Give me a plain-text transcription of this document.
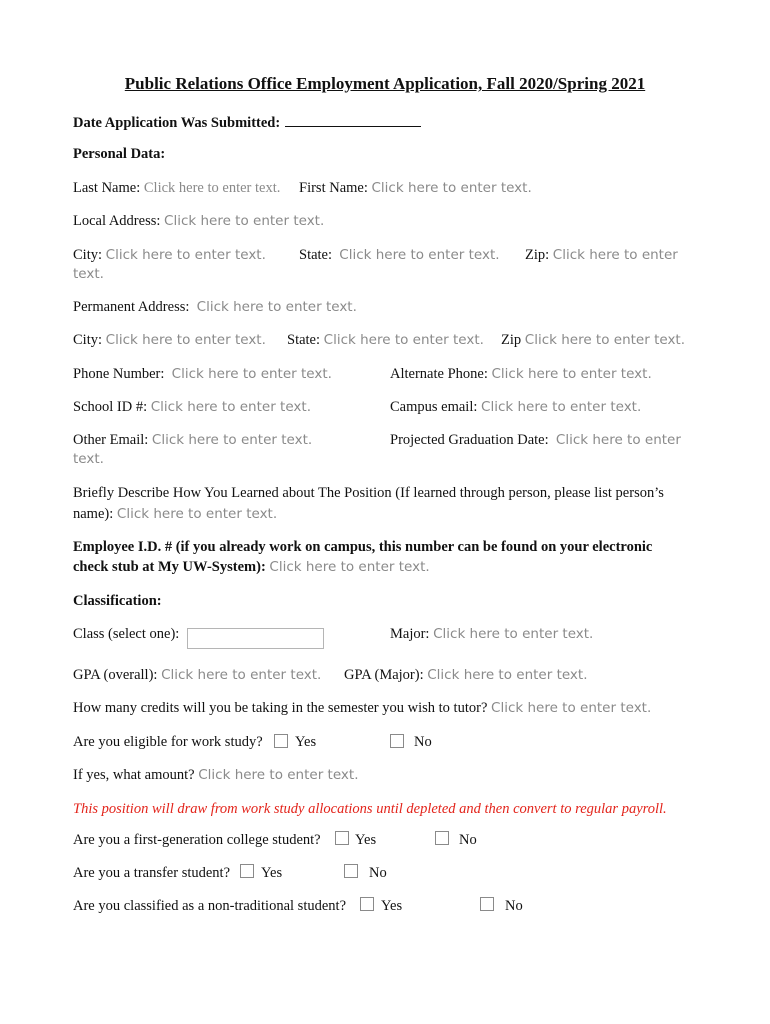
Public Relations Office Employment Application, Fall 2020/Spring 2021
Date Application Was Submitted:
Personal Data:
Last Name: Click here to enter text. First Name: Click here to enter text.
Local Address: Click here to enter text.
City: Click here to enter text. State: Click here to enter text. Zip: Click here to enter
text.
Permanent Address: Click here to enter text.
City: Click here to enter text. State: Click here to enter text. Zip Click here to enter text.
Phone Number: Click here to enter text.	Alternate Phone: Click here to enter text.
School ID #: Click here to enter text.	Campus email: Click here to enter text.
Other Email: Click here to enter text.	Projected Graduation Date: Click here to enter
text.
Briefly Describe How You Learned about The Position (If learned through person, please list person’s
name): Click here to enter text.
Employee I.D. # (if you already work on campus, this number can be found on your electronic
check stub at My UW-System): Click here to enter text.
Classification:
Class (select one):	Major: Click here to enter text.
GPA (overall): Click here to enter text. GPA (Major): Click here to enter text.
How many credits will you be taking in the semester you wish to tutor? Click here to enter text.
Are you eligible for work study? Yes	No
If yes, what amount? Click here to enter text.
This position will draw from work study allocations until depleted and then convert to regular payroll.
Are you a first-generation college student? Yes	No
Are you a transfer student? Yes	No
Are you classified as a non-traditional student? Yes	No
